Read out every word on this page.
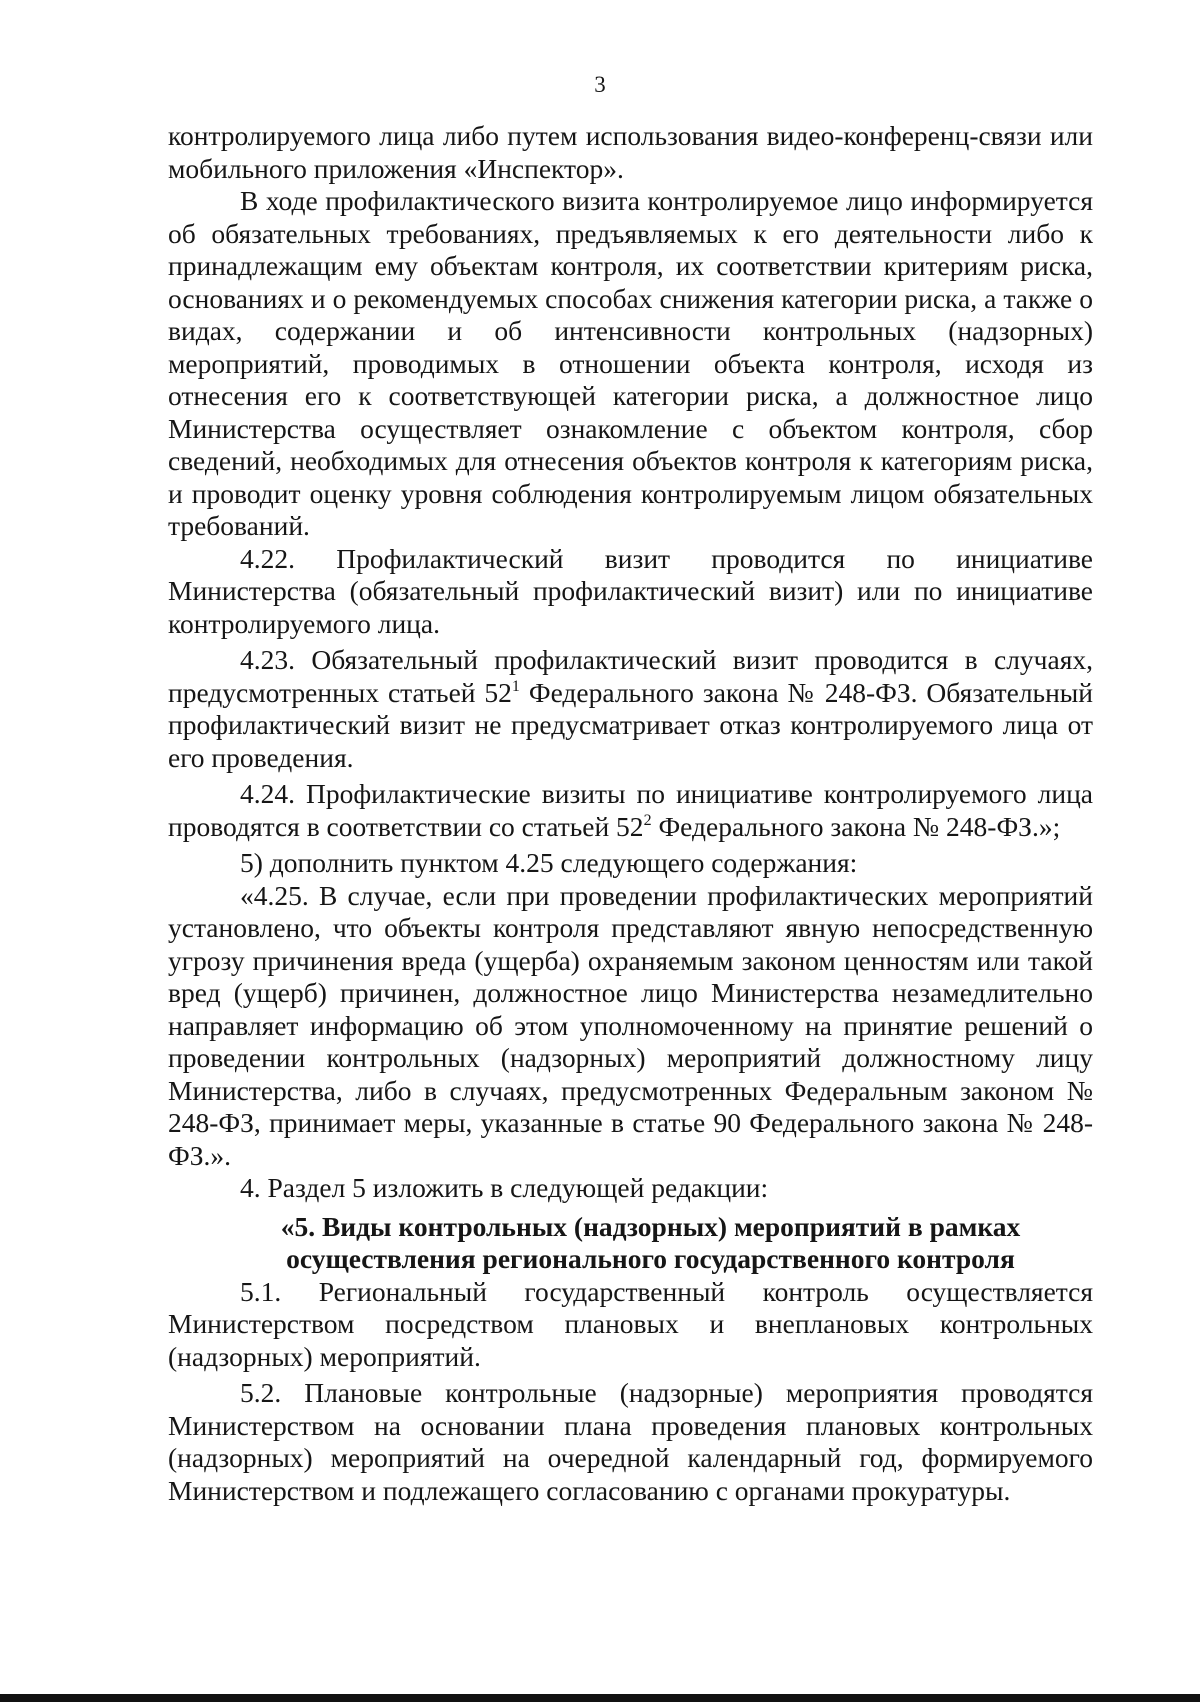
3

контролируемого лица либо путем использования видео-конференц-связи или мобильного приложения «Инспектор».

В ходе профилактического визита контролируемое лицо информируется об обязательных требованиях, предъявляемых к его деятельности либо к принадлежащим ему объектам контроля, их соответствии критериям риска, основаниях и о рекомендуемых способах снижения категории риска, а также о видах, содержании и об интенсивности контрольных (надзорных) мероприятий, проводимых в отношении объекта контроля, исходя из отнесения его к соответствующей категории риска, а должностное лицо Министерства осуществляет ознакомление с объектом контроля, сбор сведений, необходимых для отнесения объектов контроля к категориям риска, и проводит оценку уровня соблюдения контролируемым лицом обязательных требований.

4.22. Профилактический визит проводится по инициативе Министерства (обязательный профилактический визит) или по инициативе контролируемого лица.

4.23. Обязательный профилактический визит проводится в случаях, предусмотренных статьей $52^1$ Федерального закона № 248-ФЗ. Обязательный профилактический визит не предусматривает отказ контролируемого лица от его проведения.

4.24. Профилактические визиты по инициативе контролируемого лица проводятся в соответствии со статьей $52^2$ Федерального закона № 248-ФЗ.»;

5) дополнить пунктом 4.25 следующего содержания:

«4.25. В случае, если при проведении профилактических мероприятий установлено, что объекты контроля представляют явную непосредственную угрозу причинения вреда (ущерба) охраняемым законом ценностям или такой вред (ущерб) причинен, должностное лицо Министерства незамедлительно направляет информацию об этом уполномоченному на принятие решений о проведении контрольных (надзорных) мероприятий должностному лицу Министерства, либо в случаях, предусмотренных Федеральным законом № 248-ФЗ, принимает меры, указанные в статье 90 Федерального закона № 248-ФЗ.».

4. Раздел 5 изложить в следующей редакции:

«5. Виды контрольных (надзорных) мероприятий в рамках осуществления регионального государственного контроля

5.1. Региональный государственный контроль осуществляется Министерством посредством плановых и внеплановых контрольных (надзорных) мероприятий.

5.2. Плановые контрольные (надзорные) мероприятия проводятся Министерством на основании плана проведения плановых контрольных (надзорных) мероприятий на очередной календарный год, формируемого Министерством и подлежащего согласованию с органами прокуратуры.
